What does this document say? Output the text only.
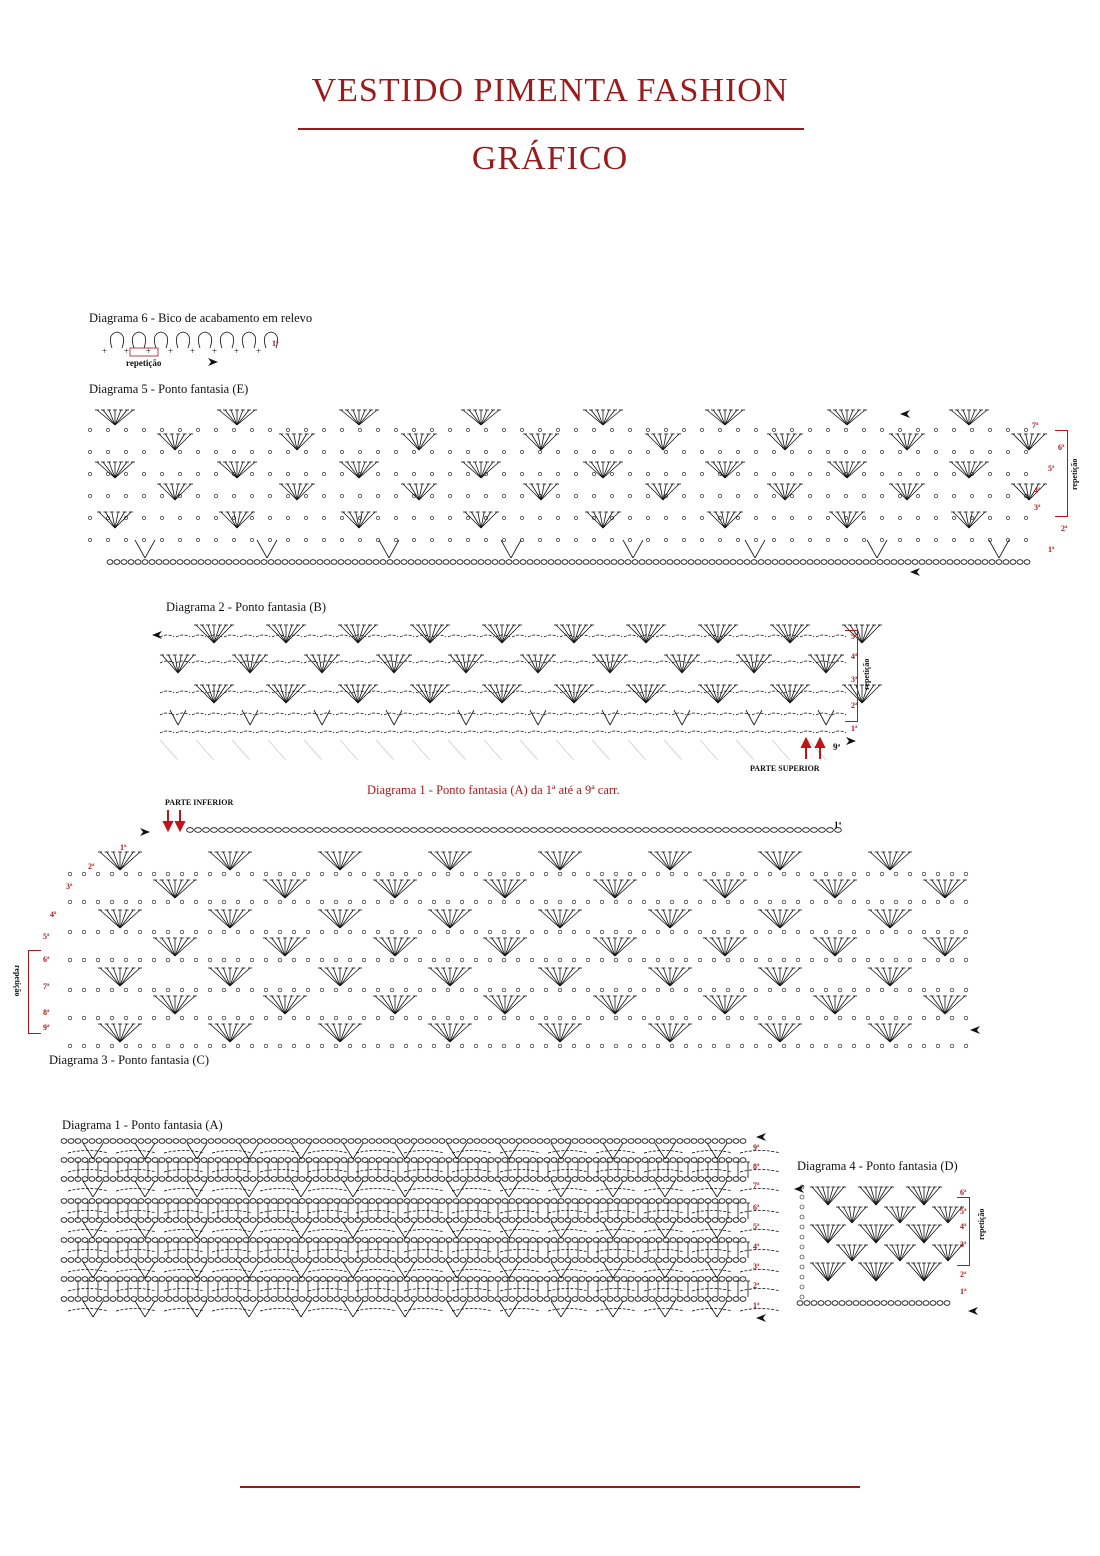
VESTIDO PIMENTA FASHION
GRÁFICO
Diagrama 6 - Bico de acabamento em relevo
+ + + + + + + +
repetição
1ª
Diagrama 5 - Ponto fantasia (E)
7ª
6ª
5ª
4ª
3ª
2ª
1ª
repetição
Diagrama 2 - Ponto fantasia (B)
5ª
4ª
3ª
2ª
1ª
repetição
9ª
PARTE SUPERIOR
Diagrama 1 - Ponto fantasia (A) da 1ª até a 9ª carr.
PARTE INFERIOR
1ª
1ª
2ª
3ª
4ª
5ª
6ª
7ª
8ª
9ª
repetição
Diagrama 3 - Ponto fantasia (C)
Diagrama 1 - Ponto fantasia (A)
9ª
8ª
7ª
6ª
5ª
4ª
3ª
2ª
1ª
Diagrama 4 - Ponto fantasia (D)
6ª
5ª
4ª
3ª
2ª
1ª
repetição
